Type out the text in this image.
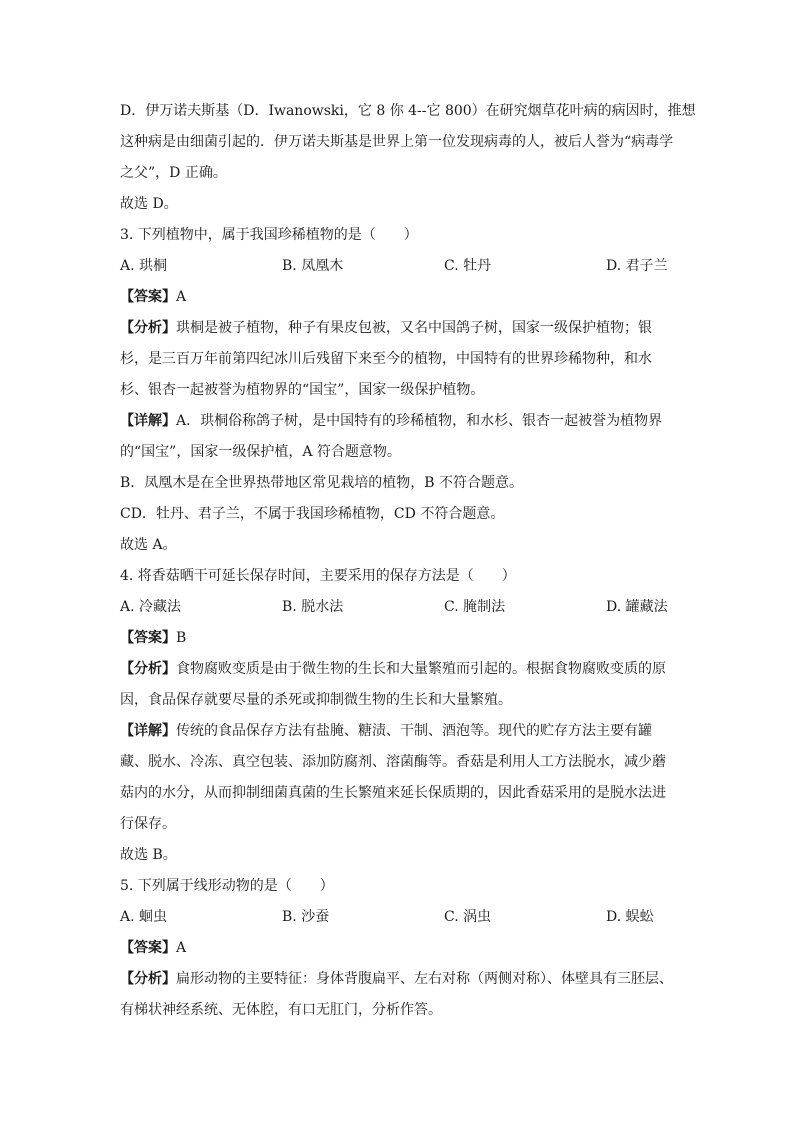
D．伊万诺夫斯基（D．Iwanowski，它 8 你 4--它 800）在研究烟草花叶病的病因时，推想

这种病是由细菌引起的．伊万诺夫斯基是世界上第一位发现病毒的人，被后人誉为“病毒学

之父”，D 正确。

故选 D。

3. 下列植物中，属于我国珍稀植物的是（　　）

A. 珙桐	B. 凤凰木	C. 牡丹	D. 君子兰

【答案】A

【分析】珙桐是被子植物，种子有果皮包被，又名中国鸽子树，国家一级保护植物；银

杉，是三百万年前第四纪冰川后残留下来至今的植物，中国特有的世界珍稀物种，和水

杉、银杏一起被誉为植物界的“国宝”，国家一级保护植物。

【详解】A．珙桐俗称鸽子树，是中国特有的珍稀植物，和水杉、银杏一起被誉为植物界

的“国宝”，国家一级保护植，A 符合题意物。

B．凤凰木是在全世界热带地区常见栽培的植物，B 不符合题意。

CD．牡丹、君子兰，不属于我国珍稀植物，CD 不符合题意。

故选 A。

4. 将香菇晒干可延长保存时间，主要采用的保存方法是（　　）

A. 冷藏法	B. 脱水法	C. 腌制法	D. 罐藏法

【答案】B

【分析】食物腐败变质是由于微生物的生长和大量繁殖而引起的。根据食物腐败变质的原

因，食品保存就要尽量的杀死或抑制微生物的生长和大量繁殖。

【详解】传统的食品保存方法有盐腌、糖渍、干制、酒泡等。现代的贮存方法主要有罐

藏、脱水、冷冻、真空包装、添加防腐剂、溶菌酶等。香菇是利用人工方法脱水，减少蘑

菇内的水分，从而抑制细菌真菌的生长繁殖来延长保质期的，因此香菇采用的是脱水法进

行保存。

故选 B。

5. 下列属于线形动物的是（　　）

A. 蛔虫	B. 沙蚕	C. 涡虫	D. 蜈蚣

【答案】A

【分析】扁形动物的主要特征：身体背腹扁平、左右对称（两侧对称）、体壁具有三胚层、

有梯状神经系统、无体腔，有口无肛门，分析作答。
